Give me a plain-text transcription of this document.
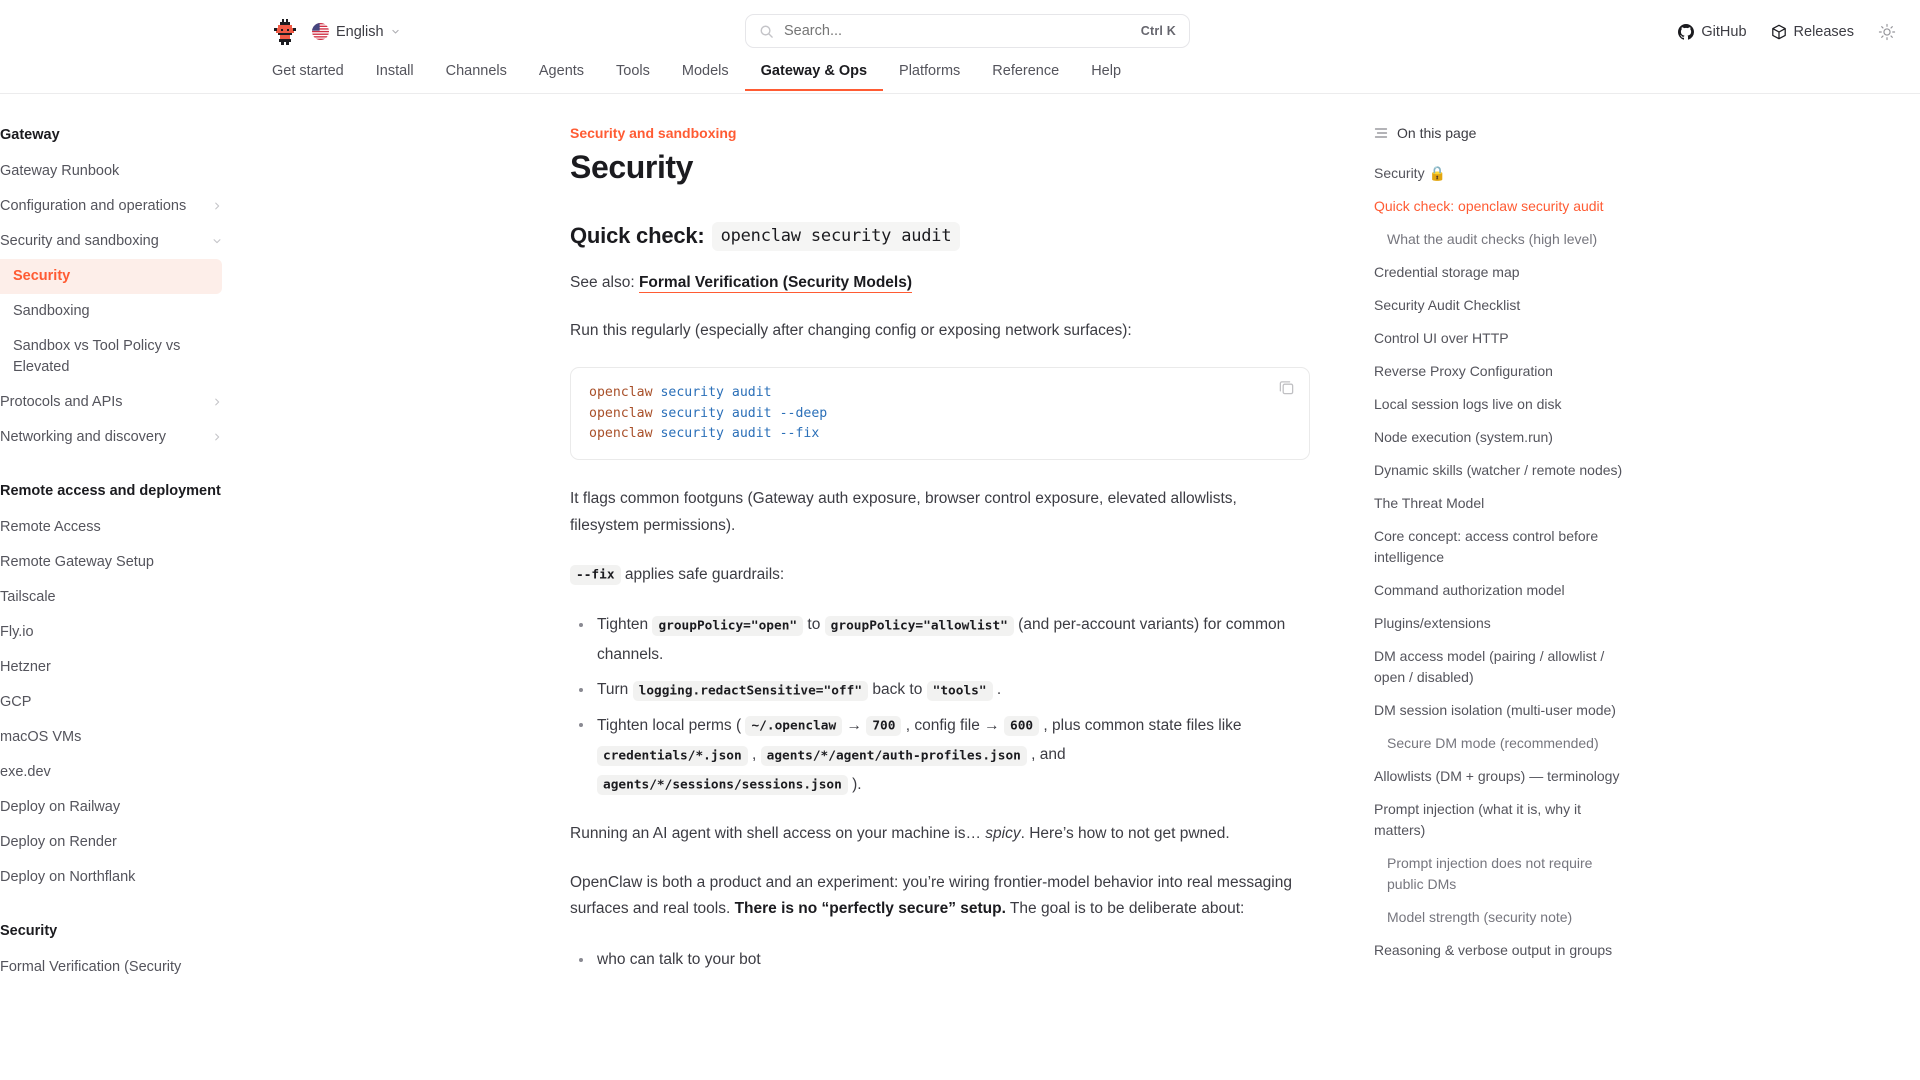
English
Search...	Ctrl K	GitHub	Releases
Get started	Install	Channels	Agents	Tools	Models	Gateway & Ops	Platforms	Reference	Help
Gateway
Gateway Runbook
Configuration and operations
Security and sandboxing
Security
Sandboxing
Sandbox vs Tool Policy vs Elevated
Protocols and APIs
Networking and discovery
Remote access and deployment
Remote Access
Remote Gateway Setup
Tailscale
Fly.io
Hetzner
GCP
macOS VMs
exe.dev
Deploy on Railway
Deploy on Render
Deploy on Northflank
Security
Formal Verification (Security
Security and sandboxing
Security
Quick check: openclaw security audit

See also: Formal Verification (Security Models)

Run this regularly (especially after changing config or exposing network surfaces):

openclaw security audit
openclaw security audit --deep
openclaw security audit --fix

It flags common footguns (Gateway auth exposure, browser control exposure, elevated allowlists, filesystem permissions).

--fix applies safe guardrails:

Tighten groupPolicy="open" to groupPolicy="allowlist" (and per-account variants) for common channels.
Turn logging.redactSensitive="off" back to "tools" .
Tighten local perms ( ~/.openclaw → 700 , config file → 600 , plus common state files like credentials/*.json , agents/*/agent/auth-profiles.json , and agents/*/sessions/sessions.json ).

Running an AI agent with shell access on your machine is… spicy. Here’s how to not get pwned.

OpenClaw is both a product and an experiment: you’re wiring frontier-model behavior into real messaging surfaces and real tools. There is no “perfectly secure” setup. The goal is to be deliberate about:

who can talk to your bot
On this page
Security 🔒
Quick check: openclaw security audit
What the audit checks (high level)
Credential storage map
Security Audit Checklist
Control UI over HTTP
Reverse Proxy Configuration
Local session logs live on disk
Node execution (system.run)
Dynamic skills (watcher / remote nodes)
The Threat Model
Core concept: access control before intelligence
Command authorization model
Plugins/extensions
DM access model (pairing / allowlist / open / disabled)
DM session isolation (multi-user mode)
Secure DM mode (recommended)
Allowlists (DM + groups) — terminology
Prompt injection (what it is, why it matters)
Prompt injection does not require public DMs
Model strength (security note)
Reasoning & verbose output in groups
